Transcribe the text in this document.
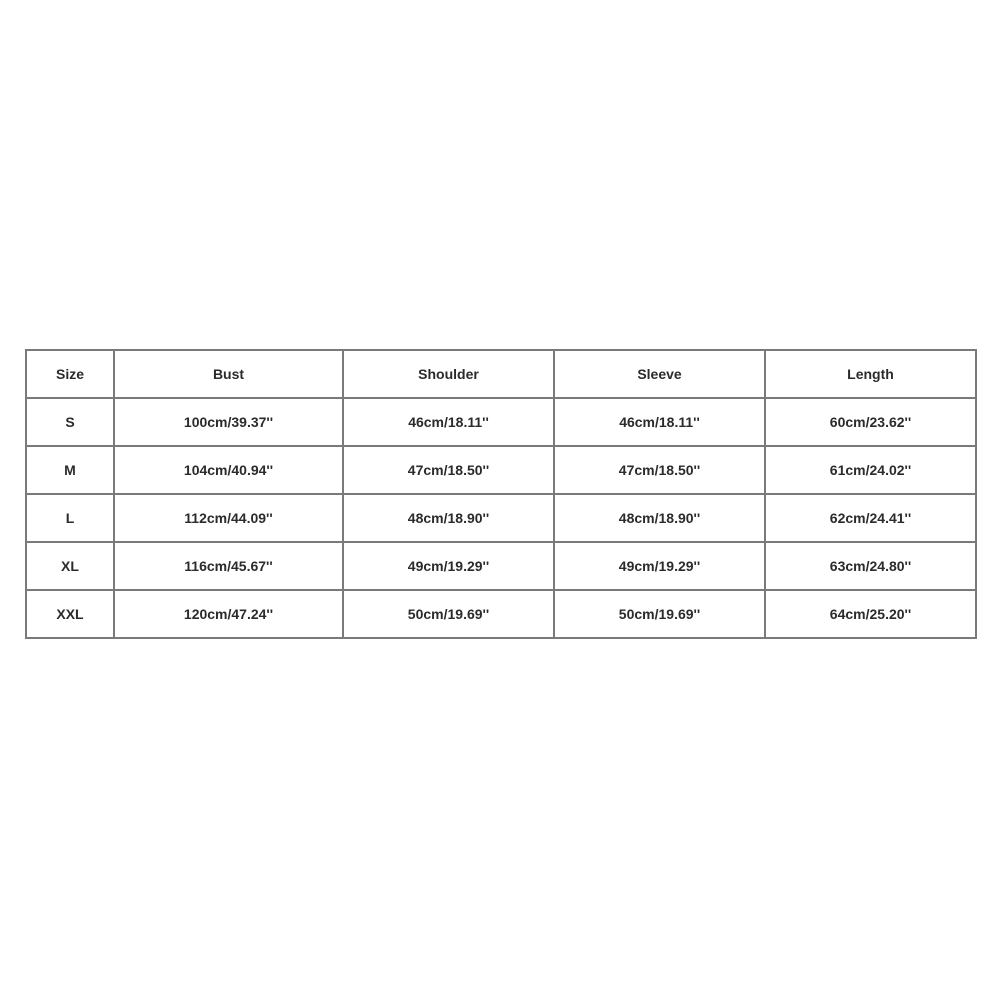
Size	Bust	Shoulder	Sleeve	Length
S	100cm/39.37''	46cm/18.11''	46cm/18.11''	60cm/23.62''
M	104cm/40.94''	47cm/18.50''	47cm/18.50''	61cm/24.02''
L	112cm/44.09''	48cm/18.90''	48cm/18.90''	62cm/24.41''
XL	116cm/45.67''	49cm/19.29''	49cm/19.29''	63cm/24.80''
XXL	120cm/47.24''	50cm/19.69''	50cm/19.69''	64cm/25.20''
